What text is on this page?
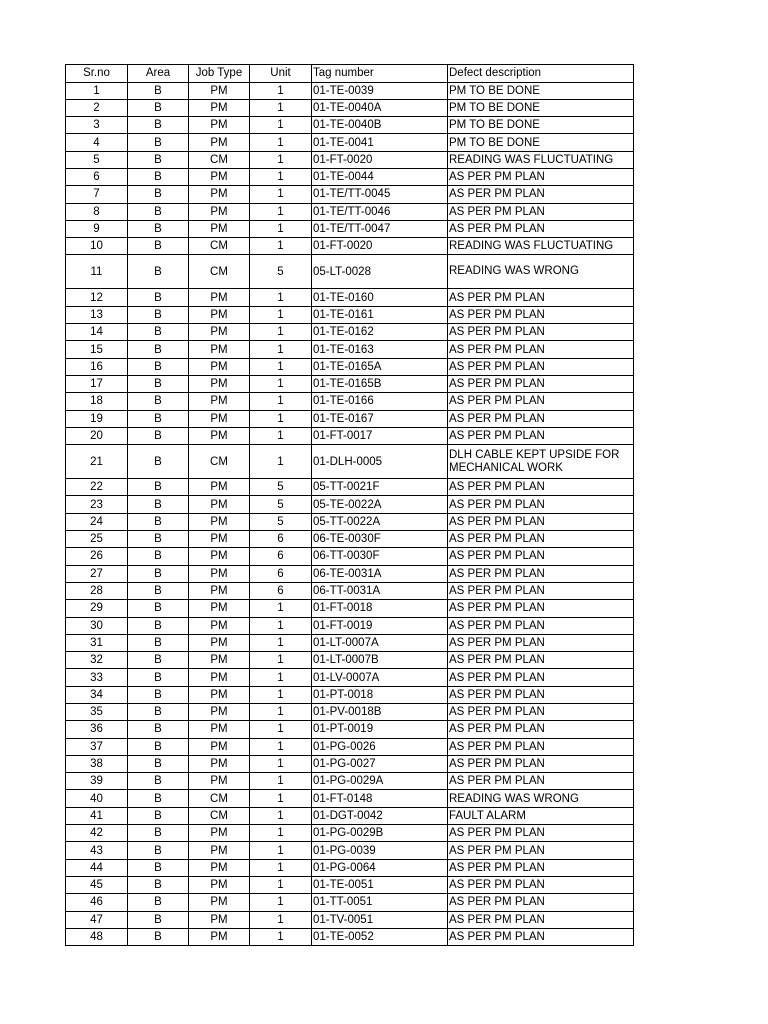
Sr.no	Area	Job Type	Unit	Tag number	Defect description
1	B	PM	1	01-TE-0039	PM TO BE DONE
2	B	PM	1	01-TE-0040A	PM TO BE DONE
3	B	PM	1	01-TE-0040B	PM TO BE DONE
4	B	PM	1	01-TE-0041	PM TO BE DONE
5	B	CM	1	01-FT-0020	READING WAS FLUCTUATING
6	B	PM	1	01-TE-0044	AS PER PM PLAN
7	B	PM	1	01-TE/TT-0045	AS PER PM PLAN
8	B	PM	1	01-TE/TT-0046	AS PER PM PLAN
9	B	PM	1	01-TE/TT-0047	AS PER PM PLAN
10	B	CM	1	01-FT-0020	READING WAS FLUCTUATING
11	B	CM	5	05-LT-0028	READING WAS WRONG
12	B	PM	1	01-TE-0160	AS PER PM PLAN
13	B	PM	1	01-TE-0161	AS PER PM PLAN
14	B	PM	1	01-TE-0162	AS PER PM PLAN
15	B	PM	1	01-TE-0163	AS PER PM PLAN
16	B	PM	1	01-TE-0165A	AS PER PM PLAN
17	B	PM	1	01-TE-0165B	AS PER PM PLAN
18	B	PM	1	01-TE-0166	AS PER PM PLAN
19	B	PM	1	01-TE-0167	AS PER PM PLAN
20	B	PM	1	01-FT-0017	AS PER PM PLAN
21	B	CM	1	01-DLH-0005	DLH CABLE KEPT UPSIDE FOR MECHANICAL WORK
22	B	PM	5	05-TT-0021F	AS PER PM PLAN
23	B	PM	5	05-TE-0022A	AS PER PM PLAN
24	B	PM	5	05-TT-0022A	AS PER PM PLAN
25	B	PM	6	06-TE-0030F	AS PER PM PLAN
26	B	PM	6	06-TT-0030F	AS PER PM PLAN
27	B	PM	6	06-TE-0031A	AS PER PM PLAN
28	B	PM	6	06-TT-0031A	AS PER PM PLAN
29	B	PM	1	01-FT-0018	AS PER PM PLAN
30	B	PM	1	01-FT-0019	AS PER PM PLAN
31	B	PM	1	01-LT-0007A	AS PER PM PLAN
32	B	PM	1	01-LT-0007B	AS PER PM PLAN
33	B	PM	1	01-LV-0007A	AS PER PM PLAN
34	B	PM	1	01-PT-0018	AS PER PM PLAN
35	B	PM	1	01-PV-0018B	AS PER PM PLAN
36	B	PM	1	01-PT-0019	AS PER PM PLAN
37	B	PM	1	01-PG-0026	AS PER PM PLAN
38	B	PM	1	01-PG-0027	AS PER PM PLAN
39	B	PM	1	01-PG-0029A	AS PER PM PLAN
40	B	CM	1	01-FT-0148	READING WAS WRONG
41	B	CM	1	01-DGT-0042	FAULT ALARM
42	B	PM	1	01-PG-0029B	AS PER PM PLAN
43	B	PM	1	01-PG-0039	AS PER PM PLAN
44	B	PM	1	01-PG-0064	AS PER PM PLAN
45	B	PM	1	01-TE-0051	AS PER PM PLAN
46	B	PM	1	01-TT-0051	AS PER PM PLAN
47	B	PM	1	01-TV-0051	AS PER PM PLAN
48	B	PM	1	01-TE-0052	AS PER PM PLAN
